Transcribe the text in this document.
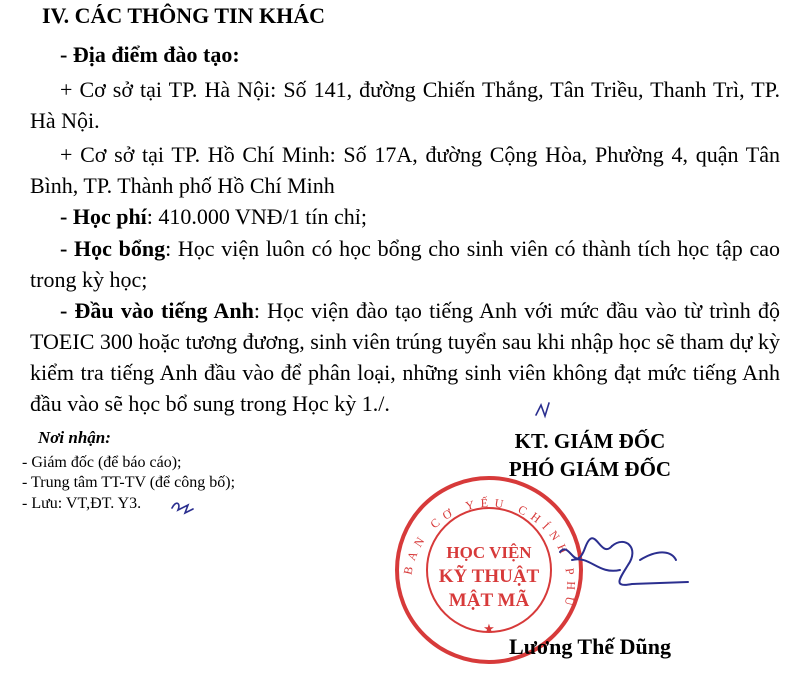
IV. CÁC THÔNG TIN KHÁC
- Địa điểm đào tạo:
+ Cơ sở tại TP. Hà Nội: Số 141, đường Chiến Thắng, Tân Triều, Thanh Trì, TP. Hà Nội.
+ Cơ sở tại TP. Hồ Chí Minh: Số 17A, đường Cộng Hòa, Phường 4, quận Tân Bình, TP. Thành phố Hồ Chí Minh
- Học phí: 410.000 VNĐ/1 tín chỉ;
- Học bổng: Học viện luôn có học bổng cho sinh viên có thành tích học tập cao trong kỳ học;
- Đầu vào tiếng Anh: Học viện đào tạo tiếng Anh với mức đầu vào từ trình độ TOEIC 300 hoặc tương đương, sinh viên trúng tuyển sau khi nhập học sẽ tham dự kỳ kiểm tra tiếng Anh đầu vào để phân loại, những sinh viên không đạt mức tiếng Anh đầu vào sẽ học bổ sung trong Học kỳ 1./.
Nơi nhận:
- Giám đốc (để báo cáo);
- Trung tâm TT-TV (để công bố);
- Lưu: VT,ĐT. Y3.
KT. GIÁM ĐỐC
PHÓ GIÁM ĐỐC
BAN CƠ YẾU CHÍNH PHỦ
HỌC VIỆN
KỸ THUẬT
MẬT MÃ
★
Lương Thế Dũng
